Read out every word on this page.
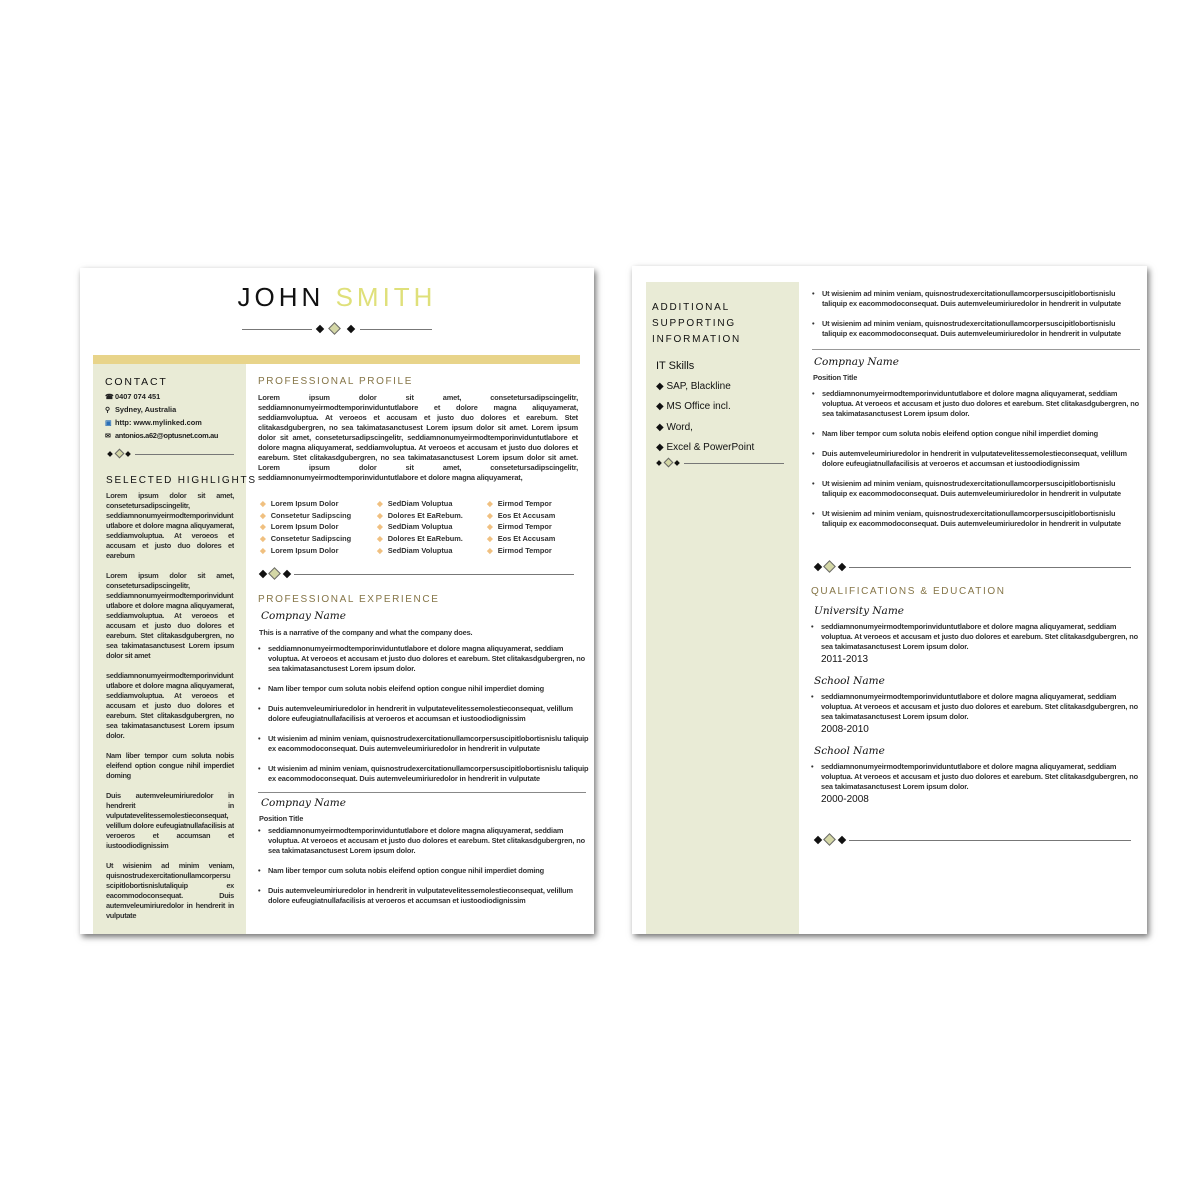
JOHN SMITH
CONTACT
☎0407 074 451
⚲ Sydney, Australia
▣ http: www.mylinked.com
✉ antonios.a62@optusnet.com.au
SELECTED HIGHLIGHTS

Lorem ipsum dolor sit amet, consetetursadipscingelitr, seddiamnonumyeirmodtemporinviduntutlabore et dolore magna aliquyamerat, seddiamvoluptua. At veroeos et accusam et justo duo dolores et earebum

Lorem ipsum dolor sit amet, consetetursadipscingelitr, seddiamnonumyeirmodtemporinviduntutlabore et dolore magna aliquyamerat, seddiamvoluptua. At veroeos et accusam et justo duo dolores et earebum. Stet clitakasdgubergren, no sea takimatasanctusest Lorem ipsum dolor sit amet

seddiamnonumyeirmodtemporinviduntutlabore et dolore magna aliquyamerat, seddiamvoluptua. At veroeos et accusam et justo duo dolores et earebum. Stet clitakasdgubergren, no sea takimatasanctusest Lorem ipsum dolor.

Nam liber tempor cum soluta nobis eleifend option congue nihil imperdiet doming

Duis autemveleumiriuredolor in hendrerit in vulputatevelitessemolestieconsequat, velillum dolore eufeugiatnullafacilisis at veroeros et accumsan et iustoodiodignissim

Ut wisienim ad minim veniam, quisnostrudexercitationullamcorpersuscipitlobortisnislutaliquip ex eacommodoconsequat. Duis autemveleumiriuredolor in hendrerit in vulputate

PROFESSIONAL PROFILE

Lorem ipsum dolor sit amet, consetetursadipscingelitr, seddiamnonumyeirmodtemporinviduntutlabore et dolore magna aliquyamerat, seddiamvoluptua. At veroeos et accusam et justo duo dolores et earebum. Stet clitakasdgubergren, no sea takimatasanctusest Lorem ipsum dolor sit amet. Lorem ipsum dolor sit amet, consetetursadipscingelitr, seddiamnonumyeirmodtemporinviduntutlabore et dolore magna aliquyamerat, seddiamvoluptua. At veroeos et accusam et justo duo dolores et earebum. Stet clitakasdgubergren, no sea takimatasanctusest Lorem ipsum dolor sit amet. Lorem ipsum dolor sit amet, consetetursadipscingelitr, seddiamnonumyeirmodtemporinviduntutlabore et dolore magna aliquyamerat,

◆ Lorem Ipsum Dolor
◆ Consetetur Sadipscing
◆ Lorem Ipsum Dolor
◆ Consetetur Sadipscing
◆ Lorem Ipsum Dolor
◆ SedDiam Voluptua
◆ Dolores Et EaRebum.
◆ SedDiam Voluptua
◆ Dolores Et EaRebum.
◆ SedDiam Voluptua
◆ Eirmod Tempor
◆ Eos Et Accusam
◆ Eirmod Tempor
◆ Eos Et Accusam
◆ Eirmod Tempor
PROFESSIONAL EXPERIENCE
Compnay Name
This is a narrative of the company and what the company does.
• seddiamnonumyeirmodtemporinviduntutlabore et dolore magna aliquyamerat, seddiam voluptua. At veroeos et accusam et justo duo dolores et earebum. Stet clitakasdgubergren, no sea takimatasanctusest Lorem ipsum dolor.
• Nam liber tempor cum soluta nobis eleifend option congue nihil imperdiet doming
• Duis autemveleumiriuredolor in hendrerit in vulputatevelitessemolestieconsequat, velillum dolore eufeugiatnullafacilisis at veroeros et accumsan et iustoodiodignissim
• Ut wisienim ad minim veniam, quisnostrudexercitationullamcorpersuscipitlobortisnislu taliquip ex eacommodoconsequat. Duis autemveleumiriuredolor in hendrerit in vulputate
• Ut wisienim ad minim veniam, quisnostrudexercitationullamcorpersuscipitlobortisnislu taliquip ex eacommodoconsequat. Duis autemveleumiriuredolor in hendrerit in vulputate
Compnay Name
Position Title
• seddiamnonumyeirmodtemporinviduntutlabore et dolore magna aliquyamerat, seddiam voluptua. At veroeos et accusam et justo duo dolores et earebum. Stet clitakasdgubergren, no sea takimatasanctusest Lorem ipsum dolor.
• Nam liber tempor cum soluta nobis eleifend option congue nihil imperdiet doming
• Duis autemveleumiriuredolor in hendrerit in vulputatevelitessemolestieconsequat, velillum dolore eufeugiatnullafacilisis at veroeros et accumsan et iustoodiodignissim
ADDITIONAL SUPPORTING
INFORMATION
IT Skills
◆ SAP, Blackline
◆ MS Office incl.
◆ Word,
◆ Excel & PowerPoint
• Ut wisienim ad minim veniam, quisnostrudexercitationullamcorpersuscipitlobortisnislu taliquip ex eacommodoconsequat. Duis autemveleumiriuredolor in hendrerit in vulputate
• Ut wisienim ad minim veniam, quisnostrudexercitationullamcorpersuscipitlobortisnislu taliquip ex eacommodoconsequat. Duis autemveleumiriuredolor in hendrerit in vulputate
Compnay Name
Position Title
• seddiamnonumyeirmodtemporinviduntutlabore et dolore magna aliquyamerat, seddiam voluptua. At veroeos et accusam et justo duo dolores et earebum. Stet clitakasdgubergren, no sea takimatasanctusest Lorem ipsum dolor.
• Nam liber tempor cum soluta nobis eleifend option congue nihil imperdiet doming
• Duis autemveleumiriuredolor in hendrerit in vulputatevelitessemolestieconsequat, velillum dolore eufeugiatnullafacilisis at veroeros et accumsan et iustoodiodignissim
• Ut wisienim ad minim veniam, quisnostrudexercitationullamcorpersuscipitlobortisnislu taliquip ex eacommodoconsequat. Duis autemveleumiriuredolor in hendrerit in vulputate
• Ut wisienim ad minim veniam, quisnostrudexercitationullamcorpersuscipitlobortisnislu taliquip ex eacommodoconsequat. Duis autemveleumiriuredolor in hendrerit in vulputate
QUALIFICATIONS & EDUCATION
University Name
• seddiamnonumyeirmodtemporinviduntutlabore et dolore magna aliquyamerat, seddiam voluptua. At veroeos et accusam et justo duo dolores et earebum. Stet clitakasdgubergren, no sea takimatasanctusest Lorem ipsum dolor.
2011-2013
School Name
• seddiamnonumyeirmodtemporinviduntutlabore et dolore magna aliquyamerat, seddiam voluptua. At veroeos et accusam et justo duo dolores et earebum. Stet clitakasdgubergren, no sea takimatasanctusest Lorem ipsum dolor.
2008-2010
School Name
• seddiamnonumyeirmodtemporinviduntutlabore et dolore magna aliquyamerat, seddiam voluptua. At veroeos et accusam et justo duo dolores et earebum. Stet clitakasdgubergren, no sea takimatasanctusest Lorem ipsum dolor.
2000-2008
